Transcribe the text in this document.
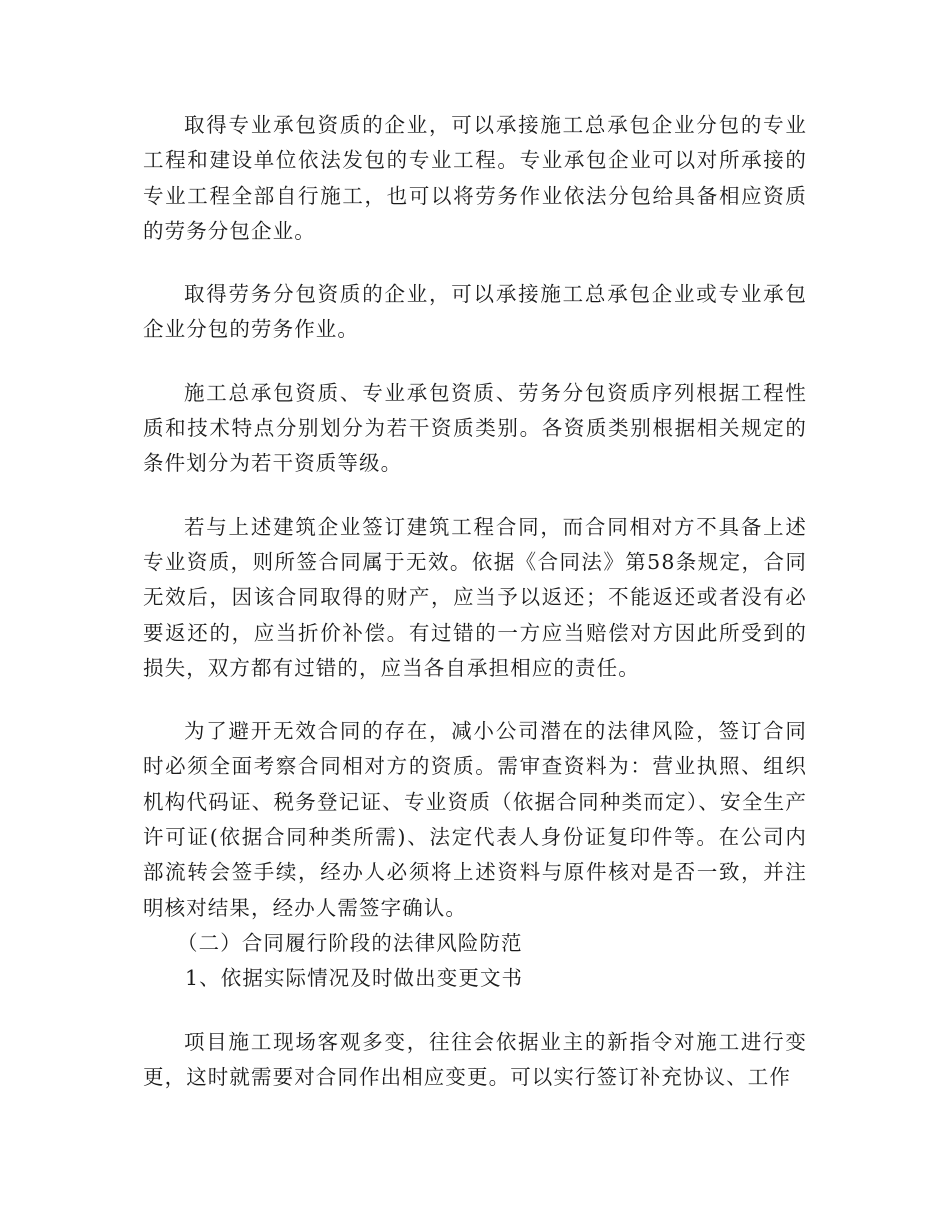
取得专业承包资质的企业，可以承接施工总承包企业分包的专业工程和建设单位依法发包的专业工程。专业承包企业可以对所承接的专业工程全部自行施工，也可以将劳务作业依法分包给具备相应资质的劳务分包企业。

取得劳务分包资质的企业，可以承接施工总承包企业或专业承包企业分包的劳务作业。

施工总承包资质、专业承包资质、劳务分包资质序列根据工程性质和技术特点分别划分为若干资质类别。各资质类别根据相关规定的条件划分为若干资质等级。

若与上述建筑企业签订建筑工程合同，而合同相对方不具备上述专业资质，则所签合同属于无效。依据《合同法》第58条规定，合同无效后，因该合同取得的财产，应当予以返还；不能返还或者没有必要返还的，应当折价补偿。有过错的一方应当赔偿对方因此所受到的损失，双方都有过错的，应当各自承担相应的责任。

为了避开无效合同的存在，减小公司潜在的法律风险，签订合同时必须全面考察合同相对方的资质。需审查资料为：营业执照、组织机构代码证、税务登记证、专业资质（依据合同种类而定）、安全生产许可证(依据合同种类所需)、法定代表人身份证复印件等。在公司内部流转会签手续，经办人必须将上述资料与原件核对是否一致，并注明核对结果，经办人需签字确认。

（二）合同履行阶段的法律风险防范

1、依据实际情况及时做出变更文书

项目施工现场客观多变，往往会依据业主的新指令对施工进行变更，这时就需要对合同作出相应变更。可以实行签订补充协议、工作
